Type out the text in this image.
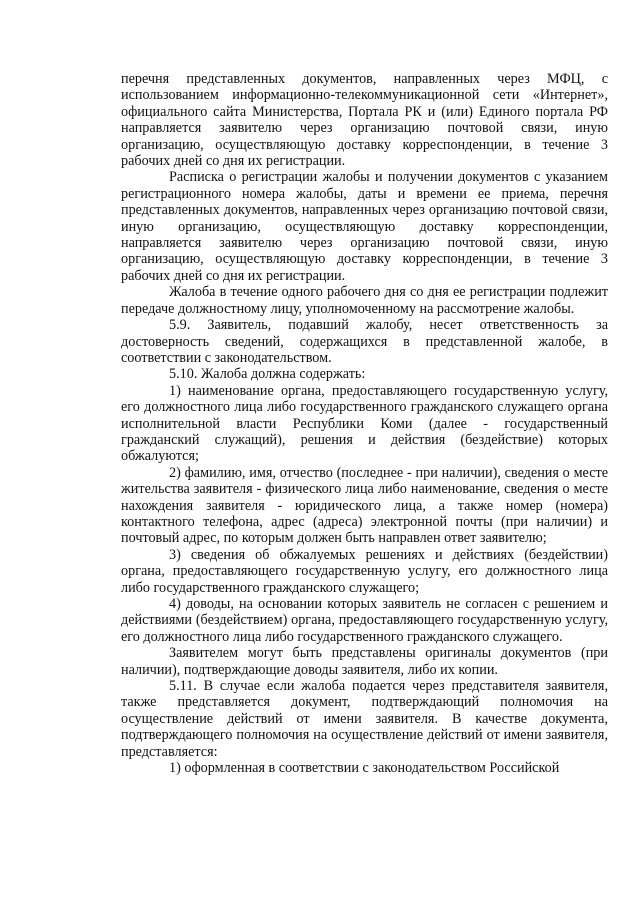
перечня представленных документов, направленных через МФЦ, с использованием информационно-телекоммуникационной сети «Интернет», официального сайта Министерства, Портала РК и (или) Единого портала РФ направляется заявителю через организацию почтовой связи, иную организацию, осуществляющую доставку корреспонденции, в течение 3 рабочих дней со дня их регистрации.

Расписка о регистрации жалобы и получении документов с указанием регистрационного номера жалобы, даты и времени ее приема, перечня представленных документов, направленных через организацию почтовой связи, иную организацию, осуществляющую доставку корреспонденции, направляется заявителю через организацию почтовой связи, иную организацию, осуществляющую доставку корреспонденции, в течение 3 рабочих дней со дня их регистрации.

Жалоба в течение одного рабочего дня со дня ее регистрации подлежит передаче должностному лицу, уполномоченному на рассмотрение жалобы.

5.9. Заявитель, подавший жалобу, несет ответственность за достоверность сведений, содержащихся в представленной жалобе, в соответствии с законодательством.

5.10. Жалоба должна содержать:

1) наименование органа, предоставляющего государственную услугу, его должностного лица либо государственного гражданского служащего органа исполнительной власти Республики Коми (далее - государственный гражданский служащий), решения и действия (бездействие) которых обжалуются;

2) фамилию, имя, отчество (последнее - при наличии), сведения о месте жительства заявителя - физического лица либо наименование, сведения о месте нахождения заявителя - юридического лица, а также номер (номера) контактного телефона, адрес (адреса) электронной почты (при наличии) и почтовый адрес, по которым должен быть направлен ответ заявителю;

3) сведения об обжалуемых решениях и действиях (бездействии) органа, предоставляющего государственную услугу, его должностного лица либо государственного гражданского служащего;

4) доводы, на основании которых заявитель не согласен с решением и действиями (бездействием) органа, предоставляющего государственную услугу, его должностного лица либо государственного гражданского служащего.

Заявителем могут быть представлены оригиналы документов (при наличии), подтверждающие доводы заявителя, либо их копии.

5.11. В случае если жалоба подается через представителя заявителя, также представляется документ, подтверждающий полномочия на осуществление действий от имени заявителя. В качестве документа, подтверждающего полномочия на осуществление действий от имени заявителя, представляется:

1) оформленная в соответствии с законодательством Российской
